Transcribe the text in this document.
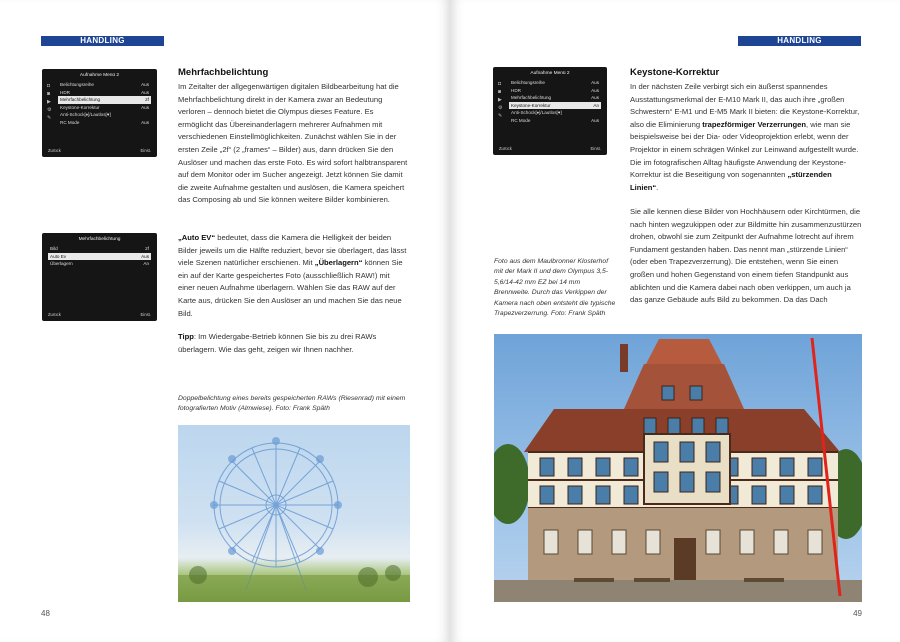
HANDLING
Aufnahme Menü 2
◘
◙
▶
⚙
✎
Belichtungsreihe	Aus
HDR	Aus
Mehrfachbelichtung	2f
Keystone-Korrektur	Aus
Anti-Schock[♦]/Lautlos[♥]
RC Mode	Aus
Zurück	Einst.
Mehrfachbelichtung
Bild	2f
Auto Ev	Aus
Überlagern	An
Zurück	Einst.
Mehrfachbelichtung

Im Zeitalter der allgegenwärtigen digitalen Bildbearbeitung hat die Mehrfachbelichtung direkt in der Kamera zwar an Bedeutung verloren – dennoch bietet die Olympus dieses Feature. Es ermöglicht das Übereinanderlagern mehrerer Aufnahmen mit verschiedenen Einstellmöglichkeiten. Zunächst wählen Sie in der ersten Zeile „2f“ (2 „frames“ – Bilder) aus, dann drücken Sie den Auslöser und machen das erste Foto. Es wird sofort halbtransparent auf dem Monitor oder im Sucher angezeigt. Jetzt können Sie damit die zweite Aufnahme gestalten und auslösen, die Kamera speichert das Composing ab und Sie können weitere Bilder kombinieren.

„Auto EV“ bedeutet, dass die Kamera die Helligkeit der beiden Bilder jeweils um die Hälfte reduziert, bevor sie überlagert, das lässt viele Szenen natürlicher erschienen. Mit „Überlagern“ können Sie ein auf der Karte gespeichertes Foto (ausschließlich RAW!) mit einer neuen Aufnahme überlagern. Wählen Sie das RAW auf der Karte aus, drücken Sie den Auslöser an und machen Sie das neue Bild.

Tipp: Im Wiedergabe-Betrieb können Sie bis zu drei RAWs überlagern. Wie das geht, zeigen wir Ihnen nachher.

Doppelbelichtung eines bereits gespeicherten RAWs (Riesenrad) mit einem fotografierten Motiv (Almwiese). Foto: Frank Späth

48
HANDLING
Aufnahme Menü 2
◘
◙
▶
⚙
✎
Belichtungsreihe	Aus
HDR	Aus
Mehrfachbelichtung	Aus
Keystone-Korrektur	An
Anti-Schock[♦]/Lautlos[♥]
RC Mode	Aus
Zurück	Einst.
Keystone-Korrektur

In der nächsten Zeile verbirgt sich ein äußerst spannendes Ausstattungsmerkmal der E-M10 Mark II, das auch ihre „großen Schwestern“ E-M1 und E-M5 Mark II bieten: die Keystone-Korrektur, also die Eliminierung trapezförmiger Verzerrungen, wie man sie beispielsweise bei der Dia- oder Videoprojektion erlebt, wenn der Projektor in einem schrägen Winkel zur Leinwand aufgestellt wurde. Die im fotografischen Alltag häufigste Anwendung der Keystone-Korrektur ist die Beseitigung von sogenannten „stürzenden Linien“.

Sie alle kennen diese Bilder von Hochhäusern oder Kirchtürmen, die nach hinten wegzukippen oder zur Bildmitte hin zusammenzustürzen drohen, obwohl sie zum Zeitpunkt der Aufnahme lotrecht auf ihrem Fundament gestanden haben. Das nennt man „stürzende Linien“ (oder eben Trapezverzerrung). Die entstehen, wenn Sie einen großen und hohen Gegenstand von einem tiefen Standpunkt aus ablichten und die Kamera dabei nach oben verkippen, um auch ja das ganze Gebäude aufs Bild zu bekommen. Da das Dach

Foto aus dem Maulbronner Klosterhof mit der Mark II und dem Olympus 3,5-5,6/14-42 mm EZ bei 14 mm Brennweite. Durch das Verkippen der Kamera nach oben entsteht die typische Trapezverzerrung. Foto: Frank Späth

49
